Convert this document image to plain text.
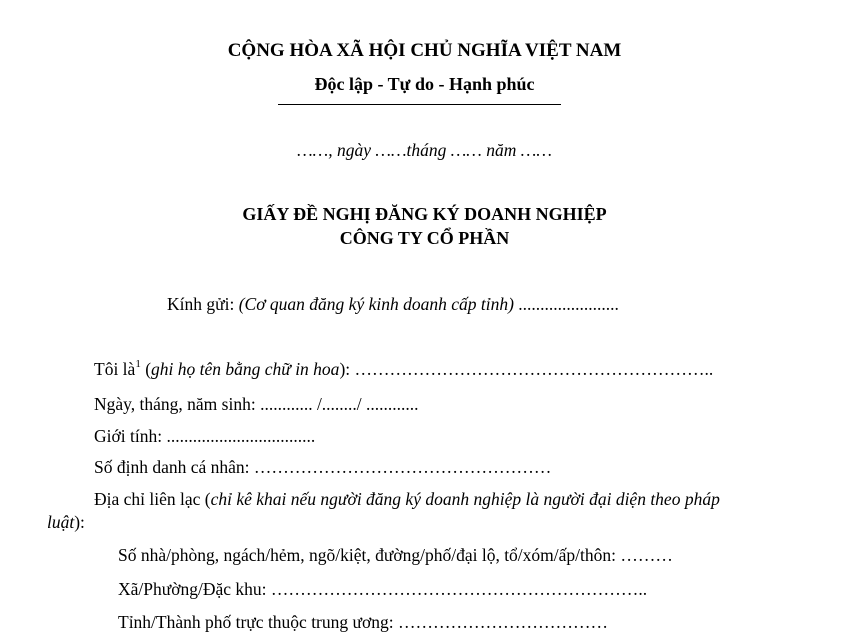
CỘNG HÒA XÃ HỘI CHỦ NGHĨA VIỆT NAM
Độc lập - Tự do - Hạnh phúc
……, ngày ……tháng …… năm ……
GIẤY ĐỀ NGHỊ ĐĂNG KÝ DOANH NGHIỆP
CÔNG TY CỔ PHẦN
Kính gửi: (Cơ quan đăng ký kinh doanh cấp tỉnh) .......................
Tôi $là^1$ (ghi họ tên bằng chữ in hoa): ……………………………………………………..
Ngày, tháng, năm sinh: ............ /......../ ............
Giới tính: ..................................
Số định danh cá nhân: ……………………………………………
Địa chỉ liên lạc (chỉ kê khai nếu người đăng ký doanh nghiệp là người đại diện theo pháp
luật):
Số nhà/phòng, ngách/hẻm, ngõ/kiệt, đường/phố/đại lộ, tổ/xóm/ấp/thôn: ………
Xã/Phường/Đặc khu: ………………………………………………………..
Tỉnh/Thành phố trực thuộc trung ương: ………………………………
